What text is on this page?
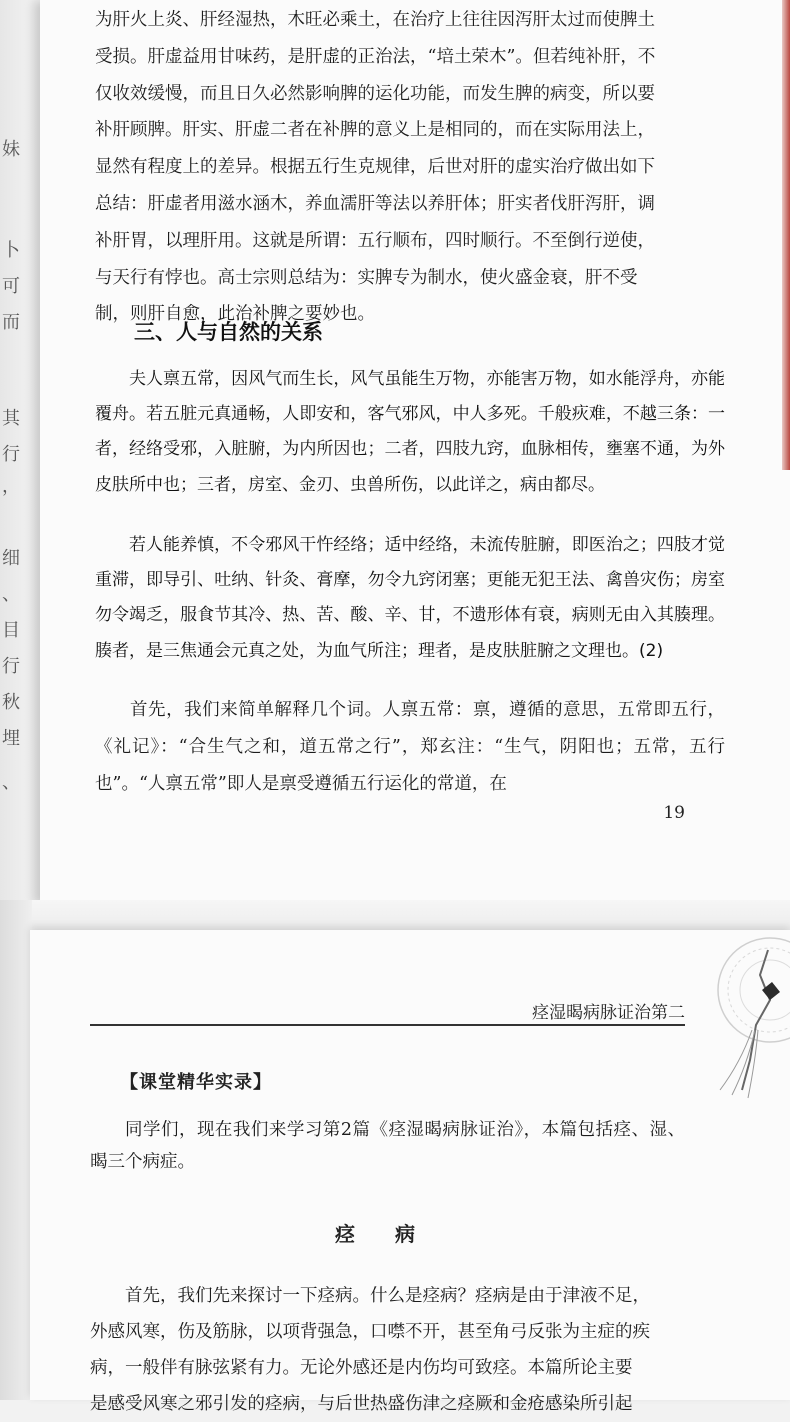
妹
卜
可
而
其
行
，
细
、
目
行
秋
埋
、
为肝火上炎、肝经湿热，木旺必乘土，在治疗上往往因泻肝太过而使脾土
受损。肝虚益用甘味药，是肝虚的正治法，“培土荣木”。但若纯补肝，不
仅收效缓慢，而且日久必然影响脾的运化功能，而发生脾的病变，所以要
补肝顾脾。肝实、肝虚二者在补脾的意义上是相同的，而在实际用法上，
显然有程度上的差异。根据五行生克规律，后世对肝的虚实治疗做出如下
总结：肝虚者用滋水涵木，养血濡肝等法以养肝体；肝实者伐肝泻肝，调
补肝胃，以理肝用。这就是所谓：五行顺布，四时顺行。不至倒行逆使，
与天行有悖也。高士宗则总结为：实脾专为制水，使火盛金衰，肝不受
制，则肝自愈，此治补脾之要妙也。
三、人与自然的关系

夫人禀五常，因风气而生长，风气虽能生万物，亦能害万物，如水能浮舟，亦能覆舟。若五脏元真通畅，人即安和，客气邪风，中人多死。千般疢难，不越三条：一者，经络受邪，入脏腑，为内所因也；二者，四肢九窍，血脉相传，壅塞不通，为外皮肤所中也；三者，房室、金刃、虫兽所伤，以此详之，病由都尽。

若人能养慎，不令邪风干忤经络；适中经络，未流传脏腑，即医治之；四肢才觉重滞，即导引、吐纳、针灸、膏摩，勿令九窍闭塞；更能无犯王法、禽兽灾伤；房室勿令竭乏，服食节其冷、热、苦、酸、辛、甘，不遗形体有衰，病则无由入其腠理。腠者，是三焦通会元真之处，为血气所注；理者，是皮肤脏腑之文理也。(2)

首先，我们来简单解释几个词。人禀五常：禀，遵循的意思，五常即五行，《礼记》：“合生气之和，道五常之行”，郑玄注：“生气，阴阳也；五常，五行也”。“人禀五常”即人是禀受遵循五行运化的常道，在

19
痉湿暍病脉证治第二
【课堂精华实录】

同学们，现在我们来学习第2篇《痉湿暍病脉证治》，本篇包括痉、湿、暍三个病症。

痉病
首先，我们先来探讨一下痉病。什么是痉病？痉病是由于津液不足，
外感风寒，伤及筋脉，以项背强急，口噤不开，甚至角弓反张为主症的疾
病，一般伴有脉弦紧有力。无论外感还是内伤均可致痉。本篇所论主要
是感受风寒之邪引发的痉病，与后世热盛伤津之痉厥和金疮感染所引起
